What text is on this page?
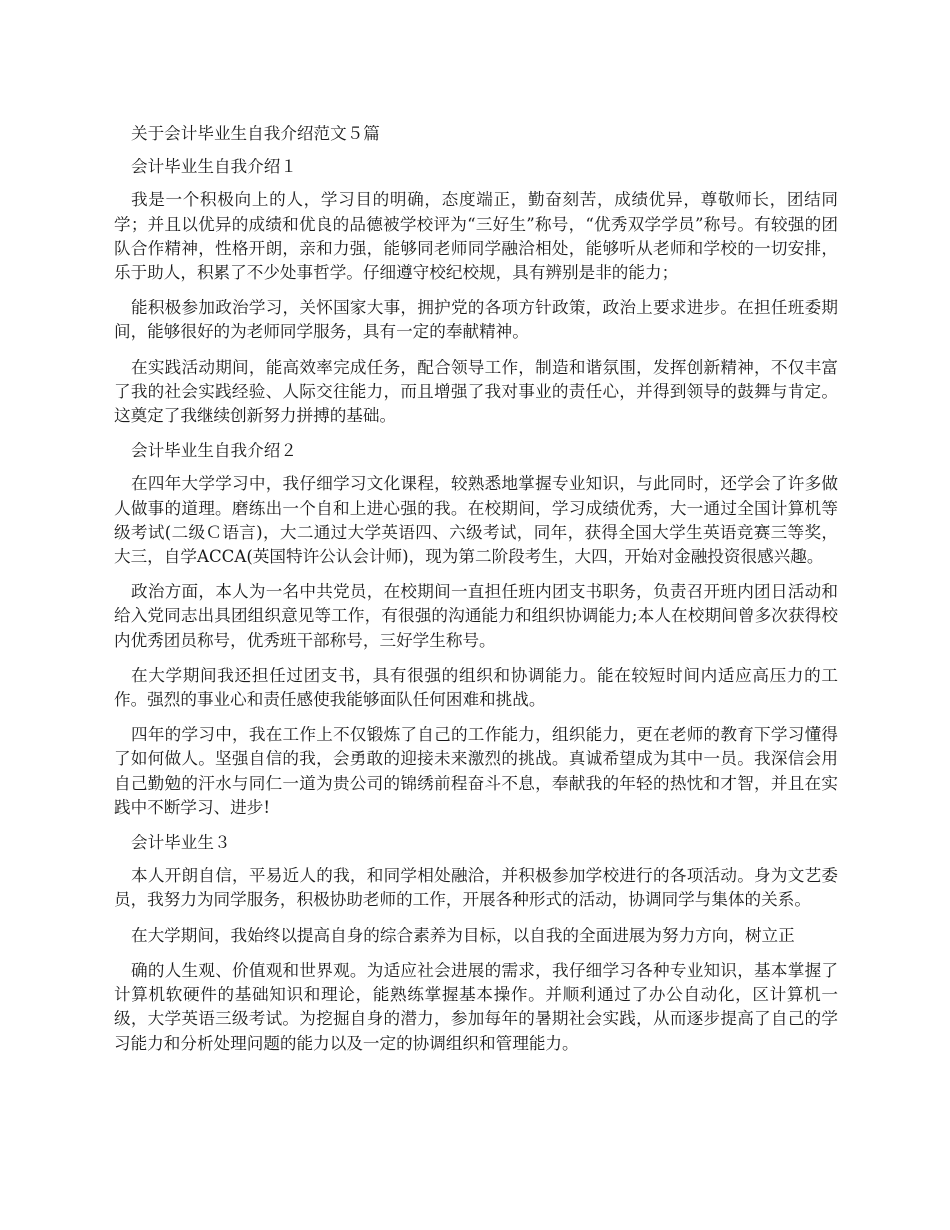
关于会计毕业生自我介绍范文５篇

会计毕业生自我介绍１

我是一个积极向上的人，学习目的明确，态度端正，勤奋刻苦，成绩优异，尊敬师长，团结同学；并且以优异的成绩和优良的品德被学校评为“三好生”称号，“优秀双学学员”称号。有较强的团队合作精神，性格开朗，亲和力强，能够同老师同学融洽相处，能够听从老师和学校的一切安排，乐于助人，积累了不少处事哲学。仔细遵守校纪校规，具有辨别是非的能力；

能积极参加政治学习，关怀国家大事，拥护党的各项方针政策，政治上要求进步。在担任班委期间，能够很好的为老师同学服务，具有一定的奉献精神。

在实践活动期间，能高效率完成任务，配合领导工作，制造和谐氛围，发挥创新精神，不仅丰富了我的社会实践经验、人际交往能力，而且增强了我对事业的责任心，并得到领导的鼓舞与肯定。这奠定了我继续创新努力拼搏的基础。

会计毕业生自我介绍２

在四年大学学习中，我仔细学习文化课程，较熟悉地掌握专业知识，与此同时，还学会了许多做人做事的道理。磨练出一个自和上进心强的我。在校期间，学习成绩优秀，大一通过全国计算机等级考试(二级Ｃ语言)，大二通过大学英语四、六级考试，同年，获得全国大学生英语竞赛三等奖，大三，自学ACCA(英国特许公认会计师)，现为第二阶段考生，大四，开始对金融投资很感兴趣。

政治方面，本人为一名中共党员，在校期间一直担任班内团支书职务，负责召开班内团日活动和给入党同志出具团组织意见等工作，有很强的沟通能力和组织协调能力;本人在校期间曾多次获得校内优秀团员称号，优秀班干部称号，三好学生称号。

在大学期间我还担任过团支书，具有很强的组织和协调能力。能在较短时间内适应高压力的工作。强烈的事业心和责任感使我能够面队任何困难和挑战。

四年的学习中，我在工作上不仅锻炼了自己的工作能力，组织能力，更在老师的教育下学习懂得了如何做人。坚强自信的我，会勇敢的迎接未来激烈的挑战。真诚希望成为其中一员。我深信会用自己勤勉的汗水与同仁一道为贵公司的锦绣前程奋斗不息，奉献我的年轻的热忱和才智，并且在实践中不断学习、进步!

会计毕业生３

本人开朗自信，平易近人的我，和同学相处融洽，并积极参加学校进行的各项活动。身为文艺委员，我努力为同学服务，积极协助老师的工作，开展各种形式的活动，协调同学与集体的关系。

在大学期间，我始终以提高自身的综合素养为目标，以自我的全面进展为努力方向，树立正

确的人生观、价值观和世界观。为适应社会进展的需求，我仔细学习各种专业知识，基本掌握了计算机软硬件的基础知识和理论，能熟练掌握基本操作。并顺利通过了办公自动化，区计算机一级，大学英语三级考试。为挖掘自身的潜力，参加每年的暑期社会实践，从而逐步提高了自己的学习能力和分析处理问题的能力以及一定的协调组织和管理能力。
